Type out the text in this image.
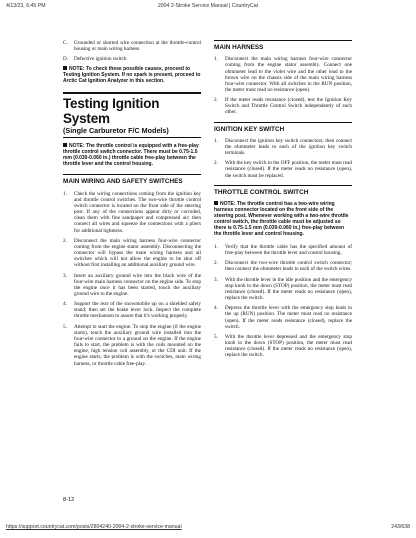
4/13/23, 6:45 PM	2004 2-Stroke Service Manual | CountryCat
C.	Grounded or shorted wire connection at the throttle-control housing or main wiring harness
D.	Defective ignition switch
NOTE: To check these possible causes, proceed to Testing Ignition System. If no spark is present, proceed to Arctic Cat Ignition Analyzer in this section.
Testing Ignition System
(Single Carburetor F/C Models)
NOTE: The throttle control is equipped with a free-play throttle control switch connector. There must be 0.75-1.5 mm (0.030-0.060 in.) throttle cable free-play between the throttle lever and the control housing.
MAIN WIRING AND SAFETY SWITCHES
1.	Check the wiring connections coming from the ignition key and throttle control switches. The two-wire throttle control switch connector is located on the front side of the steering post. If any of the connections appear dirty or corroded, clean them with fine sandpaper and compressed air; then connect all wires and squeeze the connections with a pliers for additional tightness.
2.	Disconnect the main wiring harness four-wire connector coming from the engine stator assembly. Disconnecting the connector will bypass the main wiring harness and all switches which will not allow the engine to be shut off without first installing an additional auxiliary ground wire.
3.	Insert an auxiliary ground wire into the black wire of the four-wire main harness connector on the engine side. To stop the engine once it has been started, touch the auxiliary ground wire to the engine.
4.	Support the rear of the snowmobile up on a shielded safety stand; then set the brake lever lock. Inspect the complete throttle mechanism to assure that it's working properly.
5.	Attempt to start the engine. To stop the engine (if the engine starts), touch the auxiliary ground wire installed into the four-wire connector to a ground on the engine. If the engine fails to start, the problem is with the coils mounted on the engine, high tension coil assembly, or the CDI unit. If the engine starts, the problem is with the switches, main wiring harness, or throttle cable free-play.
MAIN HARNESS
1.	Disconnect the main wiring harness four-wire connector coming from the engine stator assembly. Connect one ohmmeter lead to the violet wire and the other lead to the brown wire on the chassis side of the main wiring harness four-wire connector. With all switches in the RUN position, the meter must read no resistance (open).
2.	If the meter reads resistance (closed), test the Ignition Key Switch and Throttle Control Switch independently of each other.
IGNITION KEY SWITCH
1.	Disconnect the ignition key switch connectors; then connect the ohmmeter leads to each of the ignition key switch terminals.
2.	With the key switch in the OFF position, the meter must read resistance (closed). If the meter reads no resistance (open), the switch must be replaced.
THROTTLE CONTROL SWITCH
NOTE: The throttle control has a two-wire wiring harness connector located on the front side of the steering post. Whenever working with a two-wire throttle control switch, the throttle cable must be adjusted so there is 0.75-1.5 mm (0.030-0.060 in.) free-play between the throttle lever and control housing.
1.	Verify that the throttle cable has the specified amount of free-play between the throttle lever and control housing.
2.	Disconnect the two-wire throttle control switch connector; then connect the ohmmeter leads to each of the switch wires.
3.	With the throttle lever in the idle position and the emergency stop knob in the down (STOP) position, the meter must read resistance (closed). If the meter reads no resistance (open), replace the switch.
4.	Depress the throttle lever with the emergency stop knob in the up (RUN) position. The meter must read no resistance (open). If the meter reads resistance (closed), replace the switch.
5.	With the throttle lever depressed and the emergency stop knob in the down (STOP) position, the meter must read resistance (closed). If the meter reads no resistance (open), replace the switch.
8-12
https://support.countrycat.com/posts/2804240-2004-2-stroke-service-manual	243/638
